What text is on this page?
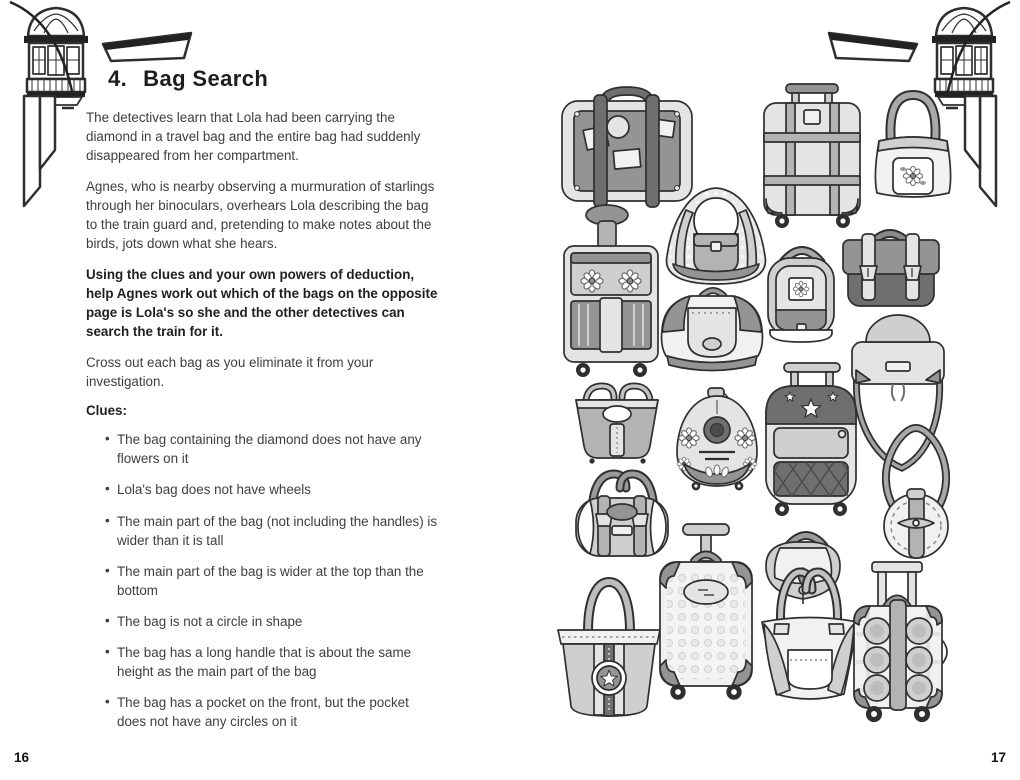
4. Bag Search

The detectives learn that Lola had been carrying the diamond in a travel bag and the entire bag had suddenly disappeared from her compartment.

Agnes, who is nearby observing a murmuration of starlings through her binoculars, overhears Lola describing the bag to the train guard and, pretending to make notes about the birds, jots down what she hears.

Using the clues and your own powers of deduction, help Agnes work out which of the bags on the opposite page is Lola's so she and the other detectives can search the train for it.

Cross out each bag as you eliminate it from your investigation.

Clues:
• The bag containing the diamond does not have any flowers on it
• Lola's bag does not have wheels
• The main part of the bag (not including the handles) is wider than it is tall
• The main part of the bag is wider at the top than the bottom
• The bag is not a circle in shape
• The bag has a long handle that is about the same height as the main part of the bag
• The bag has a pocket on the front, but the pocket does not have any circles on it
16	17
